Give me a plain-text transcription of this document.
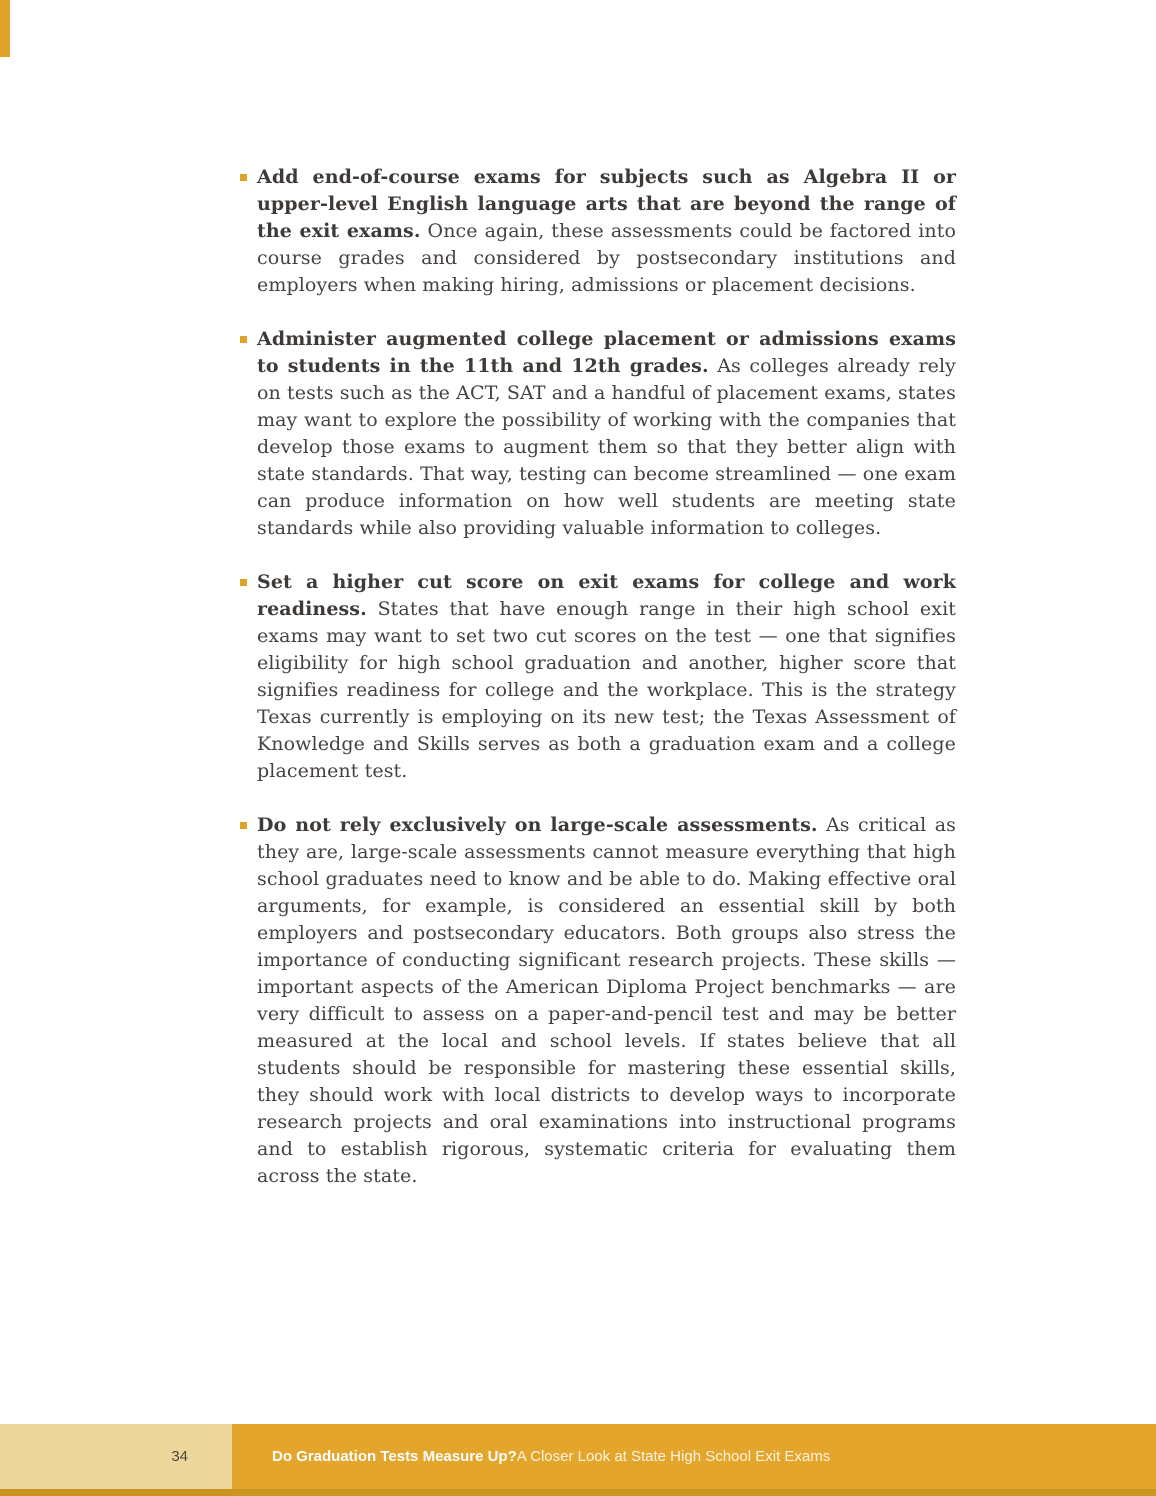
Add end-of-course exams for subjects such as Algebra II or upper-level English language arts that are beyond the range of the exit exams. Once again, these assessments could be factored into course grades and considered by postsecondary institutions and employers when making hiring, admissions or placement decisions.

Administer augmented college placement or admissions exams to students in the 11th and 12th grades. As colleges already rely on tests such as the ACT, SAT and a handful of placement exams, states may want to explore the possibility of working with the companies that develop those exams to augment them so that they better align with state standards. That way, testing can become streamlined — one exam can produce information on how well students are meeting state standards while also providing valuable information to colleges.

Set a higher cut score on exit exams for college and work readiness. States that have enough range in their high school exit exams may want to set two cut scores on the test — one that signifies eligibility for high school graduation and another, higher score that signifies readiness for college and the workplace. This is the strategy Texas currently is employing on its new test; the Texas Assessment of Knowledge and Skills serves as both a graduation exam and a college placement test.

Do not rely exclusively on large-scale assessments. As critical as they are, large-scale assessments cannot measure everything that high school graduates need to know and be able to do. Making effective oral arguments, for example, is considered an essential skill by both employers and postsecondary educators. Both groups also stress the importance of conducting significant research projects. These skills — important aspects of the American Diploma Project benchmarks — are very difficult to assess on a paper-and-pencil test and may be better measured at the local and school levels. If states believe that all students should be responsible for mastering these essential skills, they should work with local districts to develop ways to incorporate research projects and oral examinations into instructional programs and to establish rigorous, systematic criteria for evaluating them across the state.

34	Do Graduation Tests Measure Up? A Closer Look at State High School Exit Exams
